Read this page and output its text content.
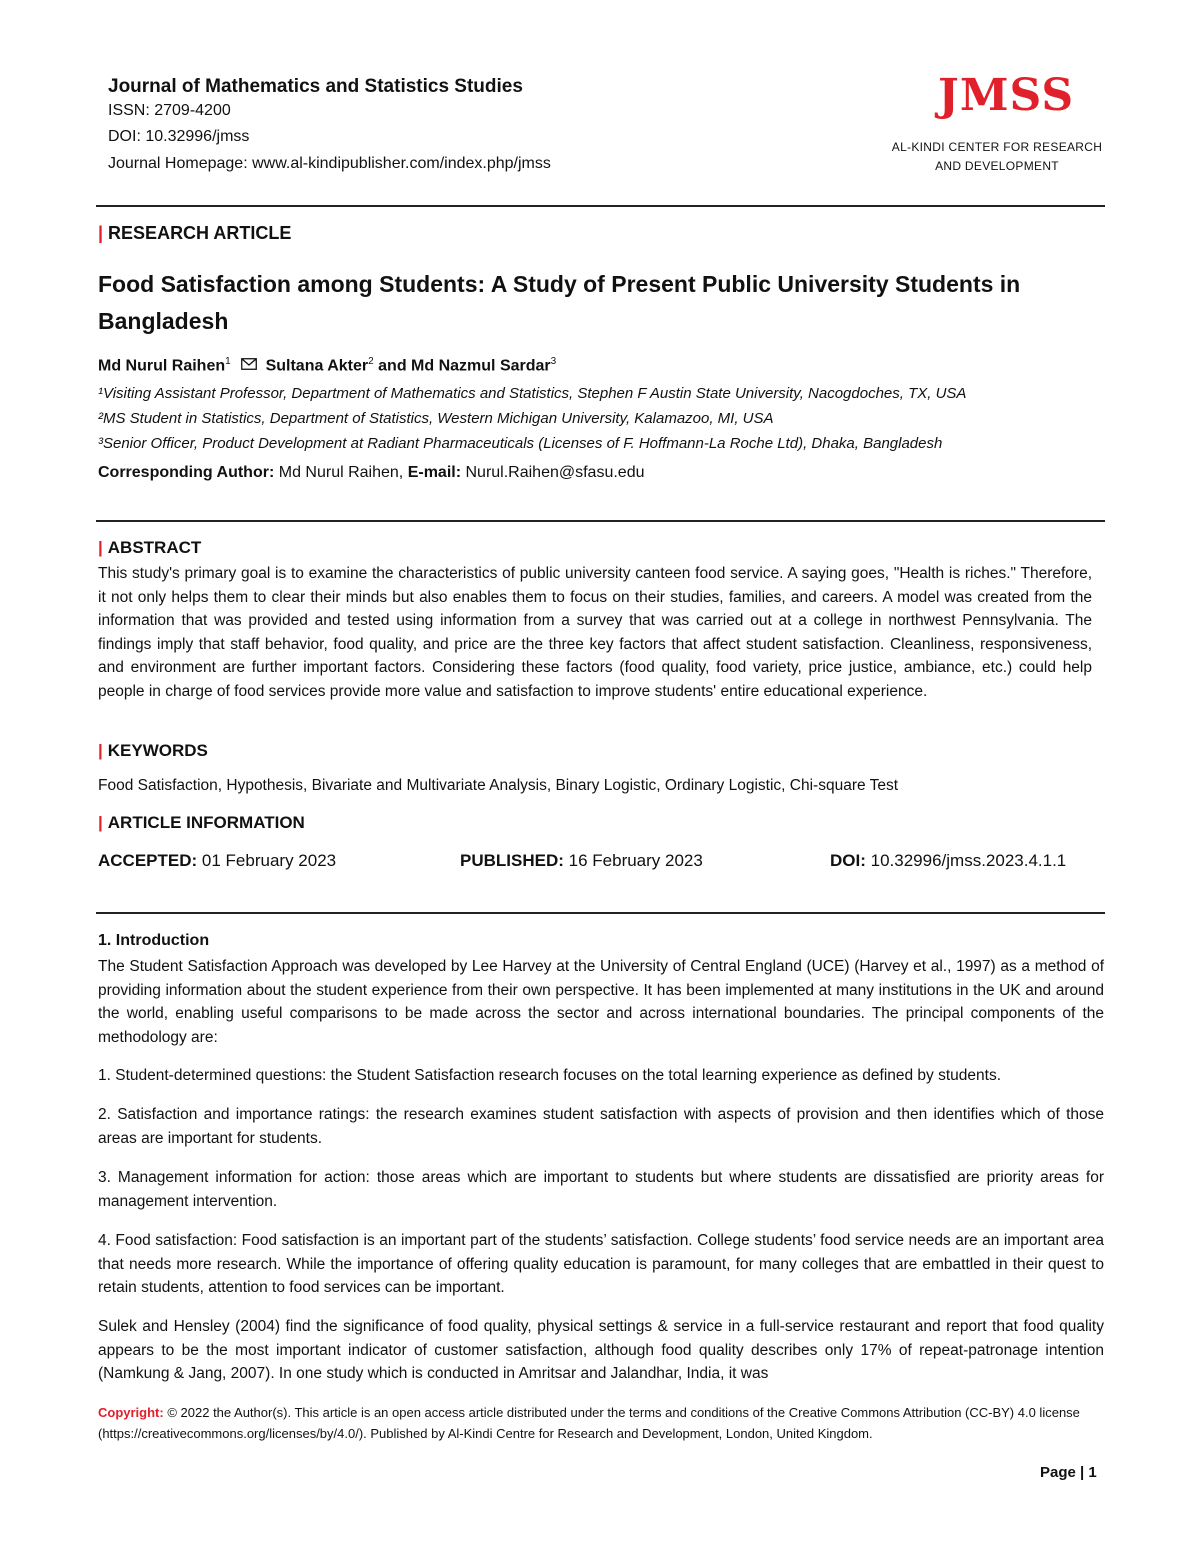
Journal of Mathematics and Statistics Studies
ISSN: 2709-4200
DOI: 10.32996/jmss
Journal Homepage: www.al-kindipublisher.com/index.php/jmss
JMSS
AL-KINDI CENTER FOR RESEARCH
AND DEVELOPMENT
| RESEARCH ARTICLE
Food Satisfaction among Students: A Study of Present Public University Students in Bangladesh
Md Nurul Raihen$^1$ Sultana Akter$^2$ and Md Nazmul Sardar$^3$
¹Visiting Assistant Professor, Department of Mathematics and Statistics, Stephen F Austin State University, Nacogdoches, TX, USA
²MS Student in Statistics, Department of Statistics, Western Michigan University, Kalamazoo, MI, USA
³Senior Officer, Product Development at Radiant Pharmaceuticals (Licenses of F. Hoffmann-La Roche Ltd), Dhaka, Bangladesh
Corresponding Author: Md Nurul Raihen, E-mail: Nurul.Raihen@sfasu.edu
| ABSTRACT
This study's primary goal is to examine the characteristics of public university canteen food service. A saying goes, "Health is riches." Therefore, it not only helps them to clear their minds but also enables them to focus on their studies, families, and careers. A model was created from the information that was provided and tested using information from a survey that was carried out at a college in northwest Pennsylvania. The findings imply that staff behavior, food quality, and price are the three key factors that affect student satisfaction. Cleanliness, responsiveness, and environment are further important factors. Considering these factors (food quality, food variety, price justice, ambiance, etc.) could help people in charge of food services provide more value and satisfaction to improve students' entire educational experience.
| KEYWORDS
Food Satisfaction, Hypothesis, Bivariate and Multivariate Analysis, Binary Logistic, Ordinary Logistic, Chi-square Test
| ARTICLE INFORMATION
ACCEPTED: 01 February 2023	PUBLISHED: 16 February 2023	DOI: 10.32996/jmss.2023.4.1.1
1. Introduction
The Student Satisfaction Approach was developed by Lee Harvey at the University of Central England (UCE) (Harvey et al., 1997) as a method of providing information about the student experience from their own perspective. It has been implemented at many institutions in the UK and around the world, enabling useful comparisons to be made across the sector and across international boundaries. The principal components of the methodology are:
1. Student-determined questions: the Student Satisfaction research focuses on the total learning experience as defined by students.
2. Satisfaction and importance ratings: the research examines student satisfaction with aspects of provision and then identifies which of those areas are important for students.
3. Management information for action: those areas which are important to students but where students are dissatisfied are priority areas for management intervention.
4. Food satisfaction: Food satisfaction is an important part of the students’ satisfaction. College students’ food service needs are an important area that needs more research. While the importance of offering quality education is paramount, for many colleges that are embattled in their quest to retain students, attention to food services can be important.
Sulek and Hensley (2004) find the significance of food quality, physical settings & service in a full-service restaurant and report that food quality appears to be the most important indicator of customer satisfaction, although food quality describes only 17% of repeat-patronage intention (Namkung & Jang, 2007). In one study which is conducted in Amritsar and Jalandhar, India, it was
Copyright: © 2022 the Author(s). This article is an open access article distributed under the terms and conditions of the Creative Commons Attribution (CC-BY) 4.0 license (https://creativecommons.org/licenses/by/4.0/). Published by Al-Kindi Centre for Research and Development, London, United Kingdom.
Page | 1
